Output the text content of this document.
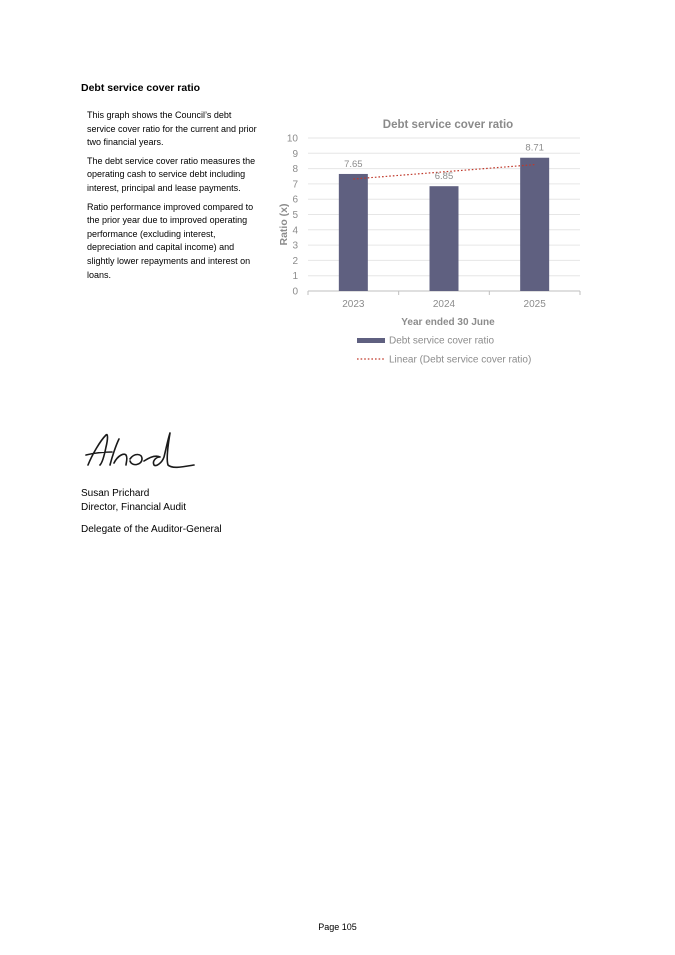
Debt service cover ratio

This graph shows the Council’s debt service cover ratio for the current and prior two financial years.

The debt service cover ratio measures the operating cash to service debt including interest, principal and lease payments.

Ratio performance improved compared to the prior year due to improved operating performance (excluding interest, depreciation and capital income) and slightly lower repayments and interest on loans.

Debt service cover ratio
0
1
2
3
4
5
6
7
8
9
10
7.65
6.85
8.71
2023	2024	2025
Year ended 30 June
Ratio (x)
Debt service cover ratio
Linear (Debt service cover ratio)
Susan Prichard
Director, Financial Audit
Delegate of the Auditor-General
Page 105
